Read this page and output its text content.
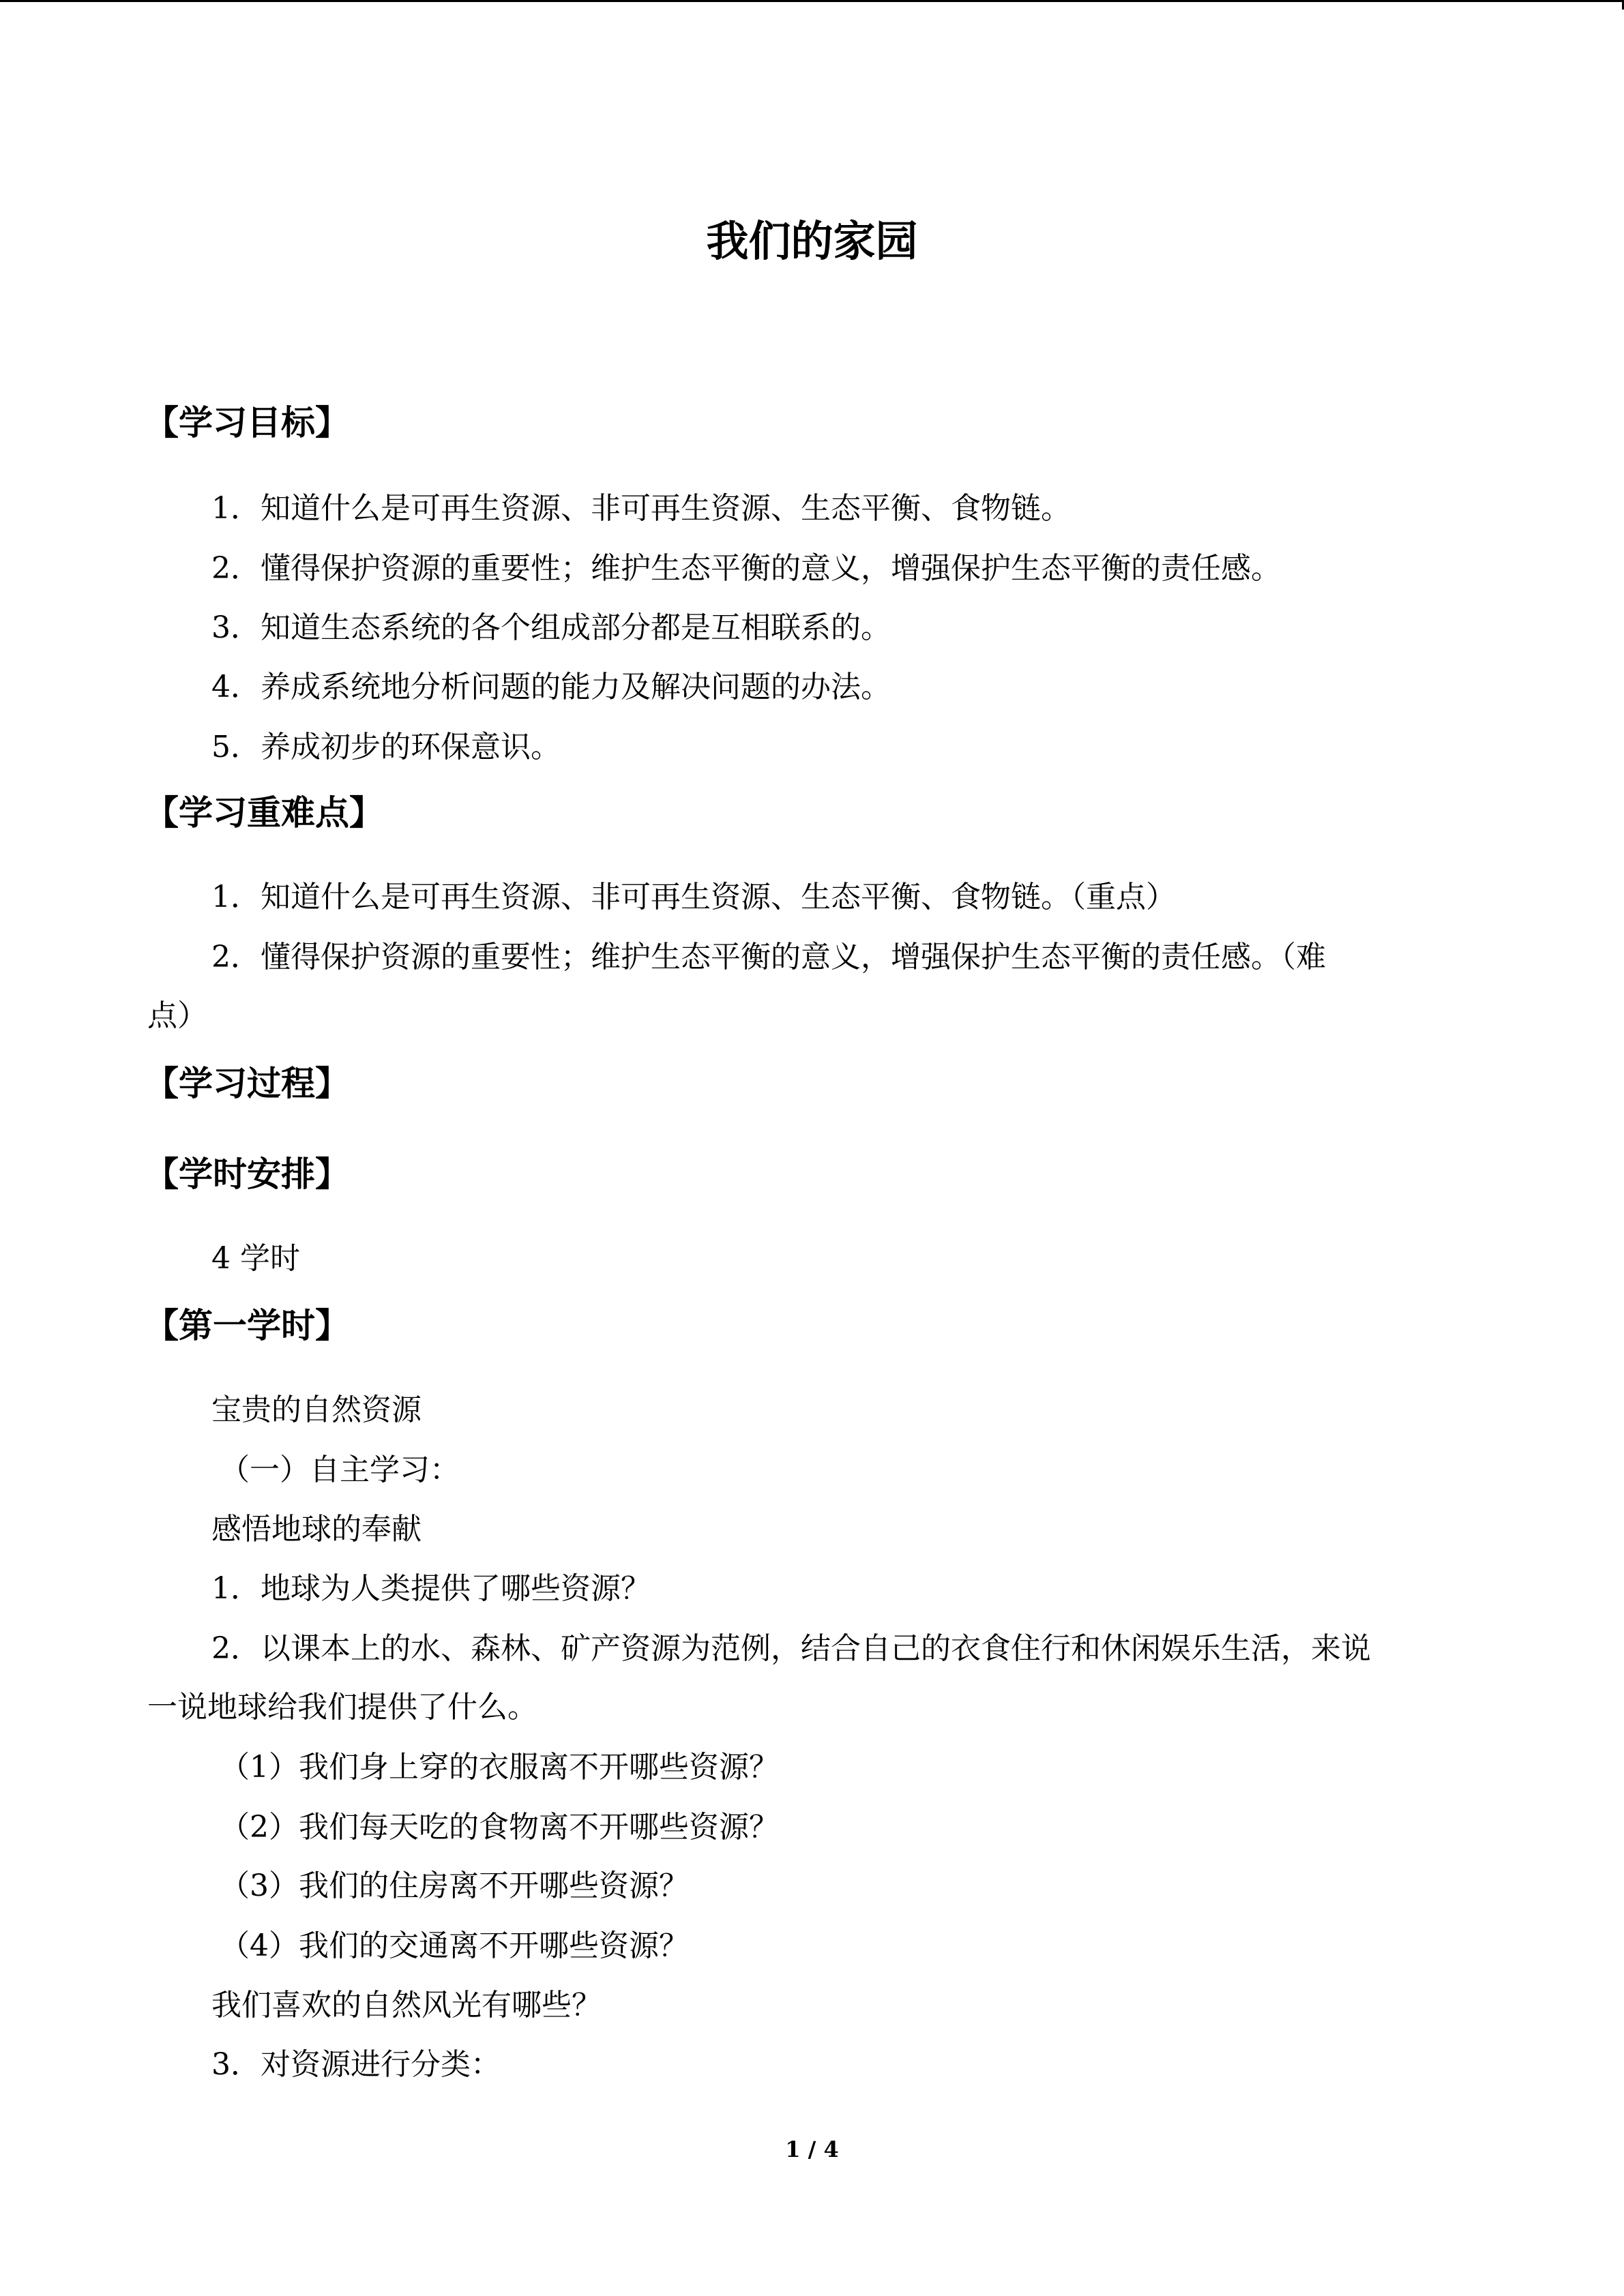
我们的家园
【学习目标】
1．知道什么是可再生资源、非可再生资源、生态平衡、食物链。
2．懂得保护资源的重要性；维护生态平衡的意义，增强保护生态平衡的责任感。
3．知道生态系统的各个组成部分都是互相联系的。
4．养成系统地分析问题的能力及解决问题的办法。
5．养成初步的环保意识。
【学习重难点】
1．知道什么是可再生资源、非可再生资源、生态平衡、食物链。（重点）
2．懂得保护资源的重要性；维护生态平衡的意义，增强保护生态平衡的责任感。（难
点）
【学习过程】
【学时安排】
4 学时
【第一学时】
宝贵的自然资源
（一）自主学习：
感悟地球的奉献
1．地球为人类提供了哪些资源？
2．以课本上的水、森林、矿产资源为范例，结合自己的衣食住行和休闲娱乐生活，来说
一说地球给我们提供了什么。
（1）我们身上穿的衣服离不开哪些资源？
（2）我们每天吃的食物离不开哪些资源？
（3）我们的住房离不开哪些资源？
（4）我们的交通离不开哪些资源？
我们喜欢的自然风光有哪些？
3．对资源进行分类：
1 / 4
